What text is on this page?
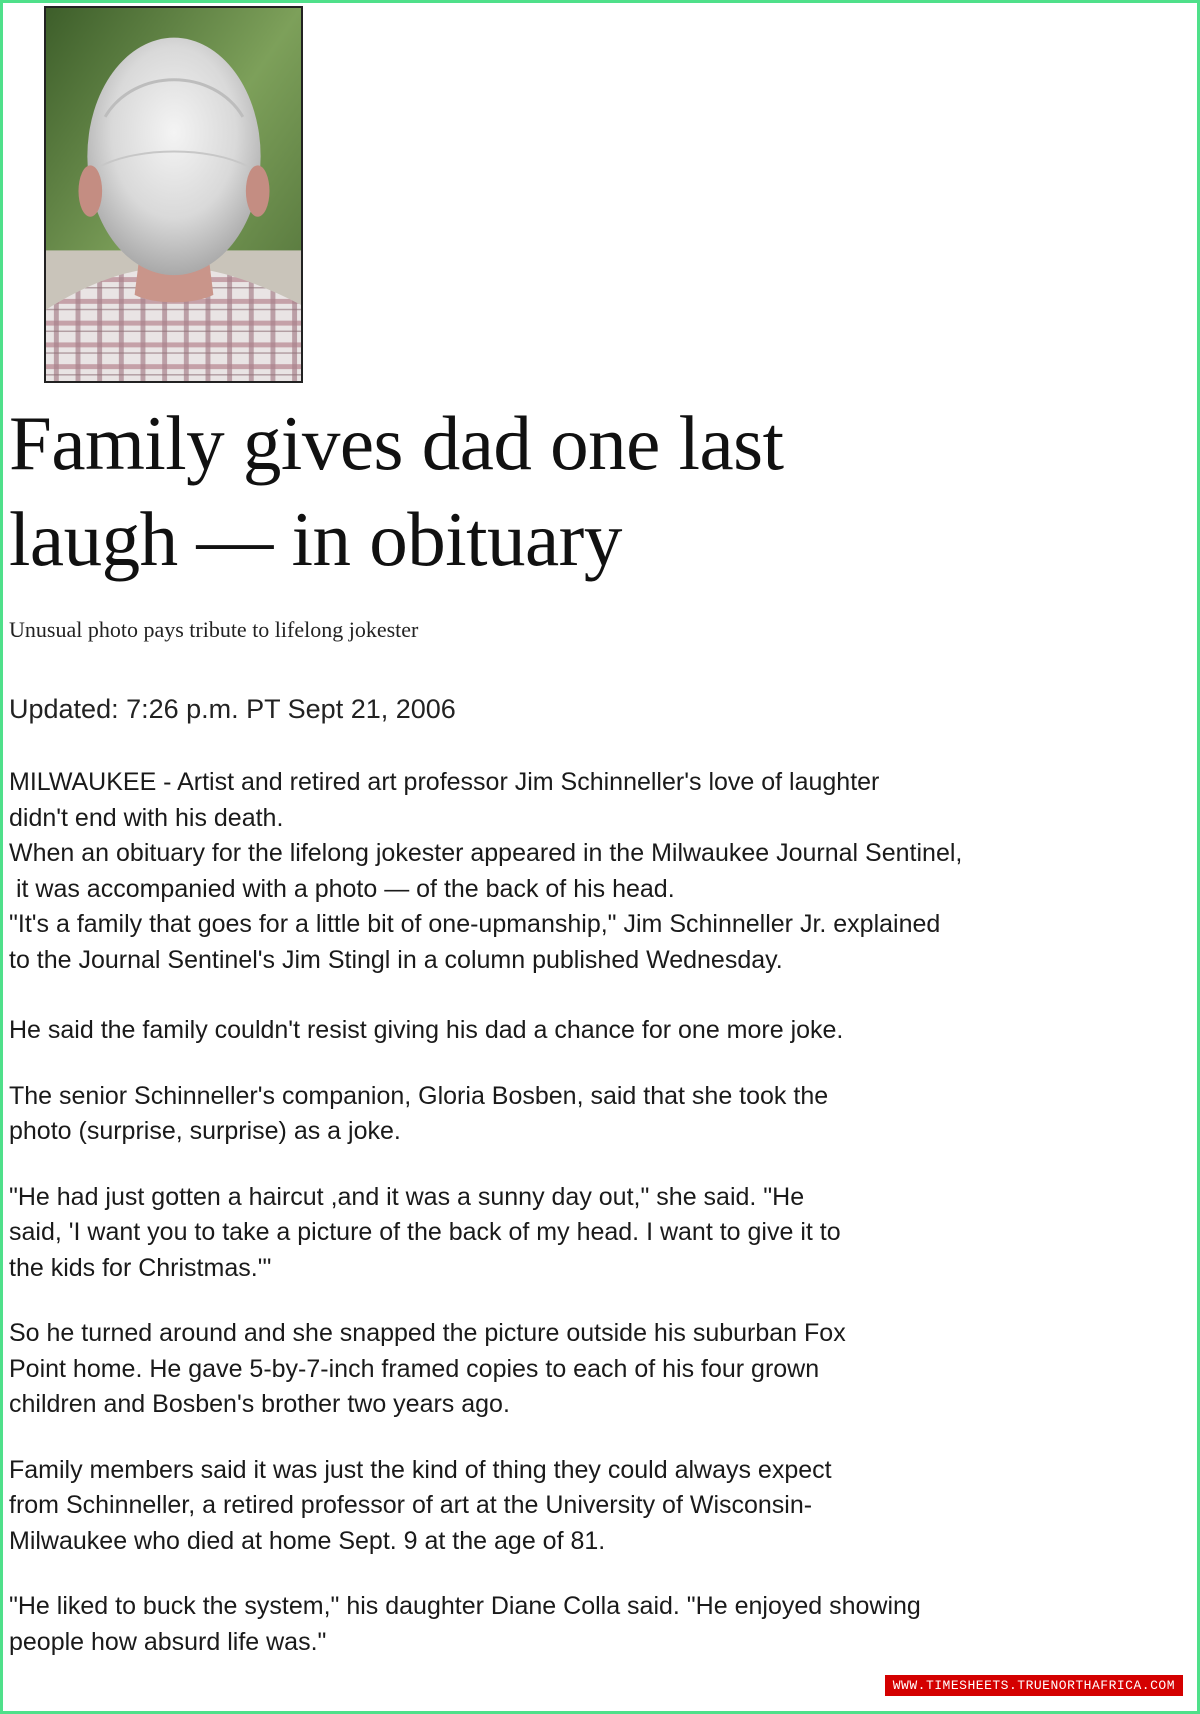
Family gives dad one last
laugh — in obituary
Unusual photo pays tribute to lifelong jokester
Updated: 7:26 p.m. PT Sept 21, 2006

MILWAUKEE - Artist and retired art professor Jim Schinneller's love of laughter
didn't end with his death.
When an obituary for the lifelong jokester appeared in the Milwaukee Journal Sentinel,
it was accompanied with a photo — of the back of his head.
"It's a family that goes for a little bit of one-upmanship," Jim Schinneller Jr. explained
to the Journal Sentinel's Jim Stingl in a column published Wednesday.

He said the family couldn't resist giving his dad a chance for one more joke.

The senior Schinneller's companion, Gloria Bosben, said that she took the
photo (surprise, surprise) as a joke.

"He had just gotten a haircut ,and it was a sunny day out," she said. "He
said, 'I want you to take a picture of the back of my head. I want to give it to
the kids for Christmas.'"

So he turned around and she snapped the picture outside his suburban Fox
Point home. He gave 5-by-7-inch framed copies to each of his four grown
children and Bosben's brother two years ago.

Family members said it was just the kind of thing they could always expect
from Schinneller, a retired professor of art at the University of Wisconsin-
Milwaukee who died at home Sept. 9 at the age of 81.

"He liked to buck the system," his daughter Diane Colla said. "He enjoyed showing
people how absurd life was."

WWW.TIMESHEETS.TRUENORTHAFRICA.COM
